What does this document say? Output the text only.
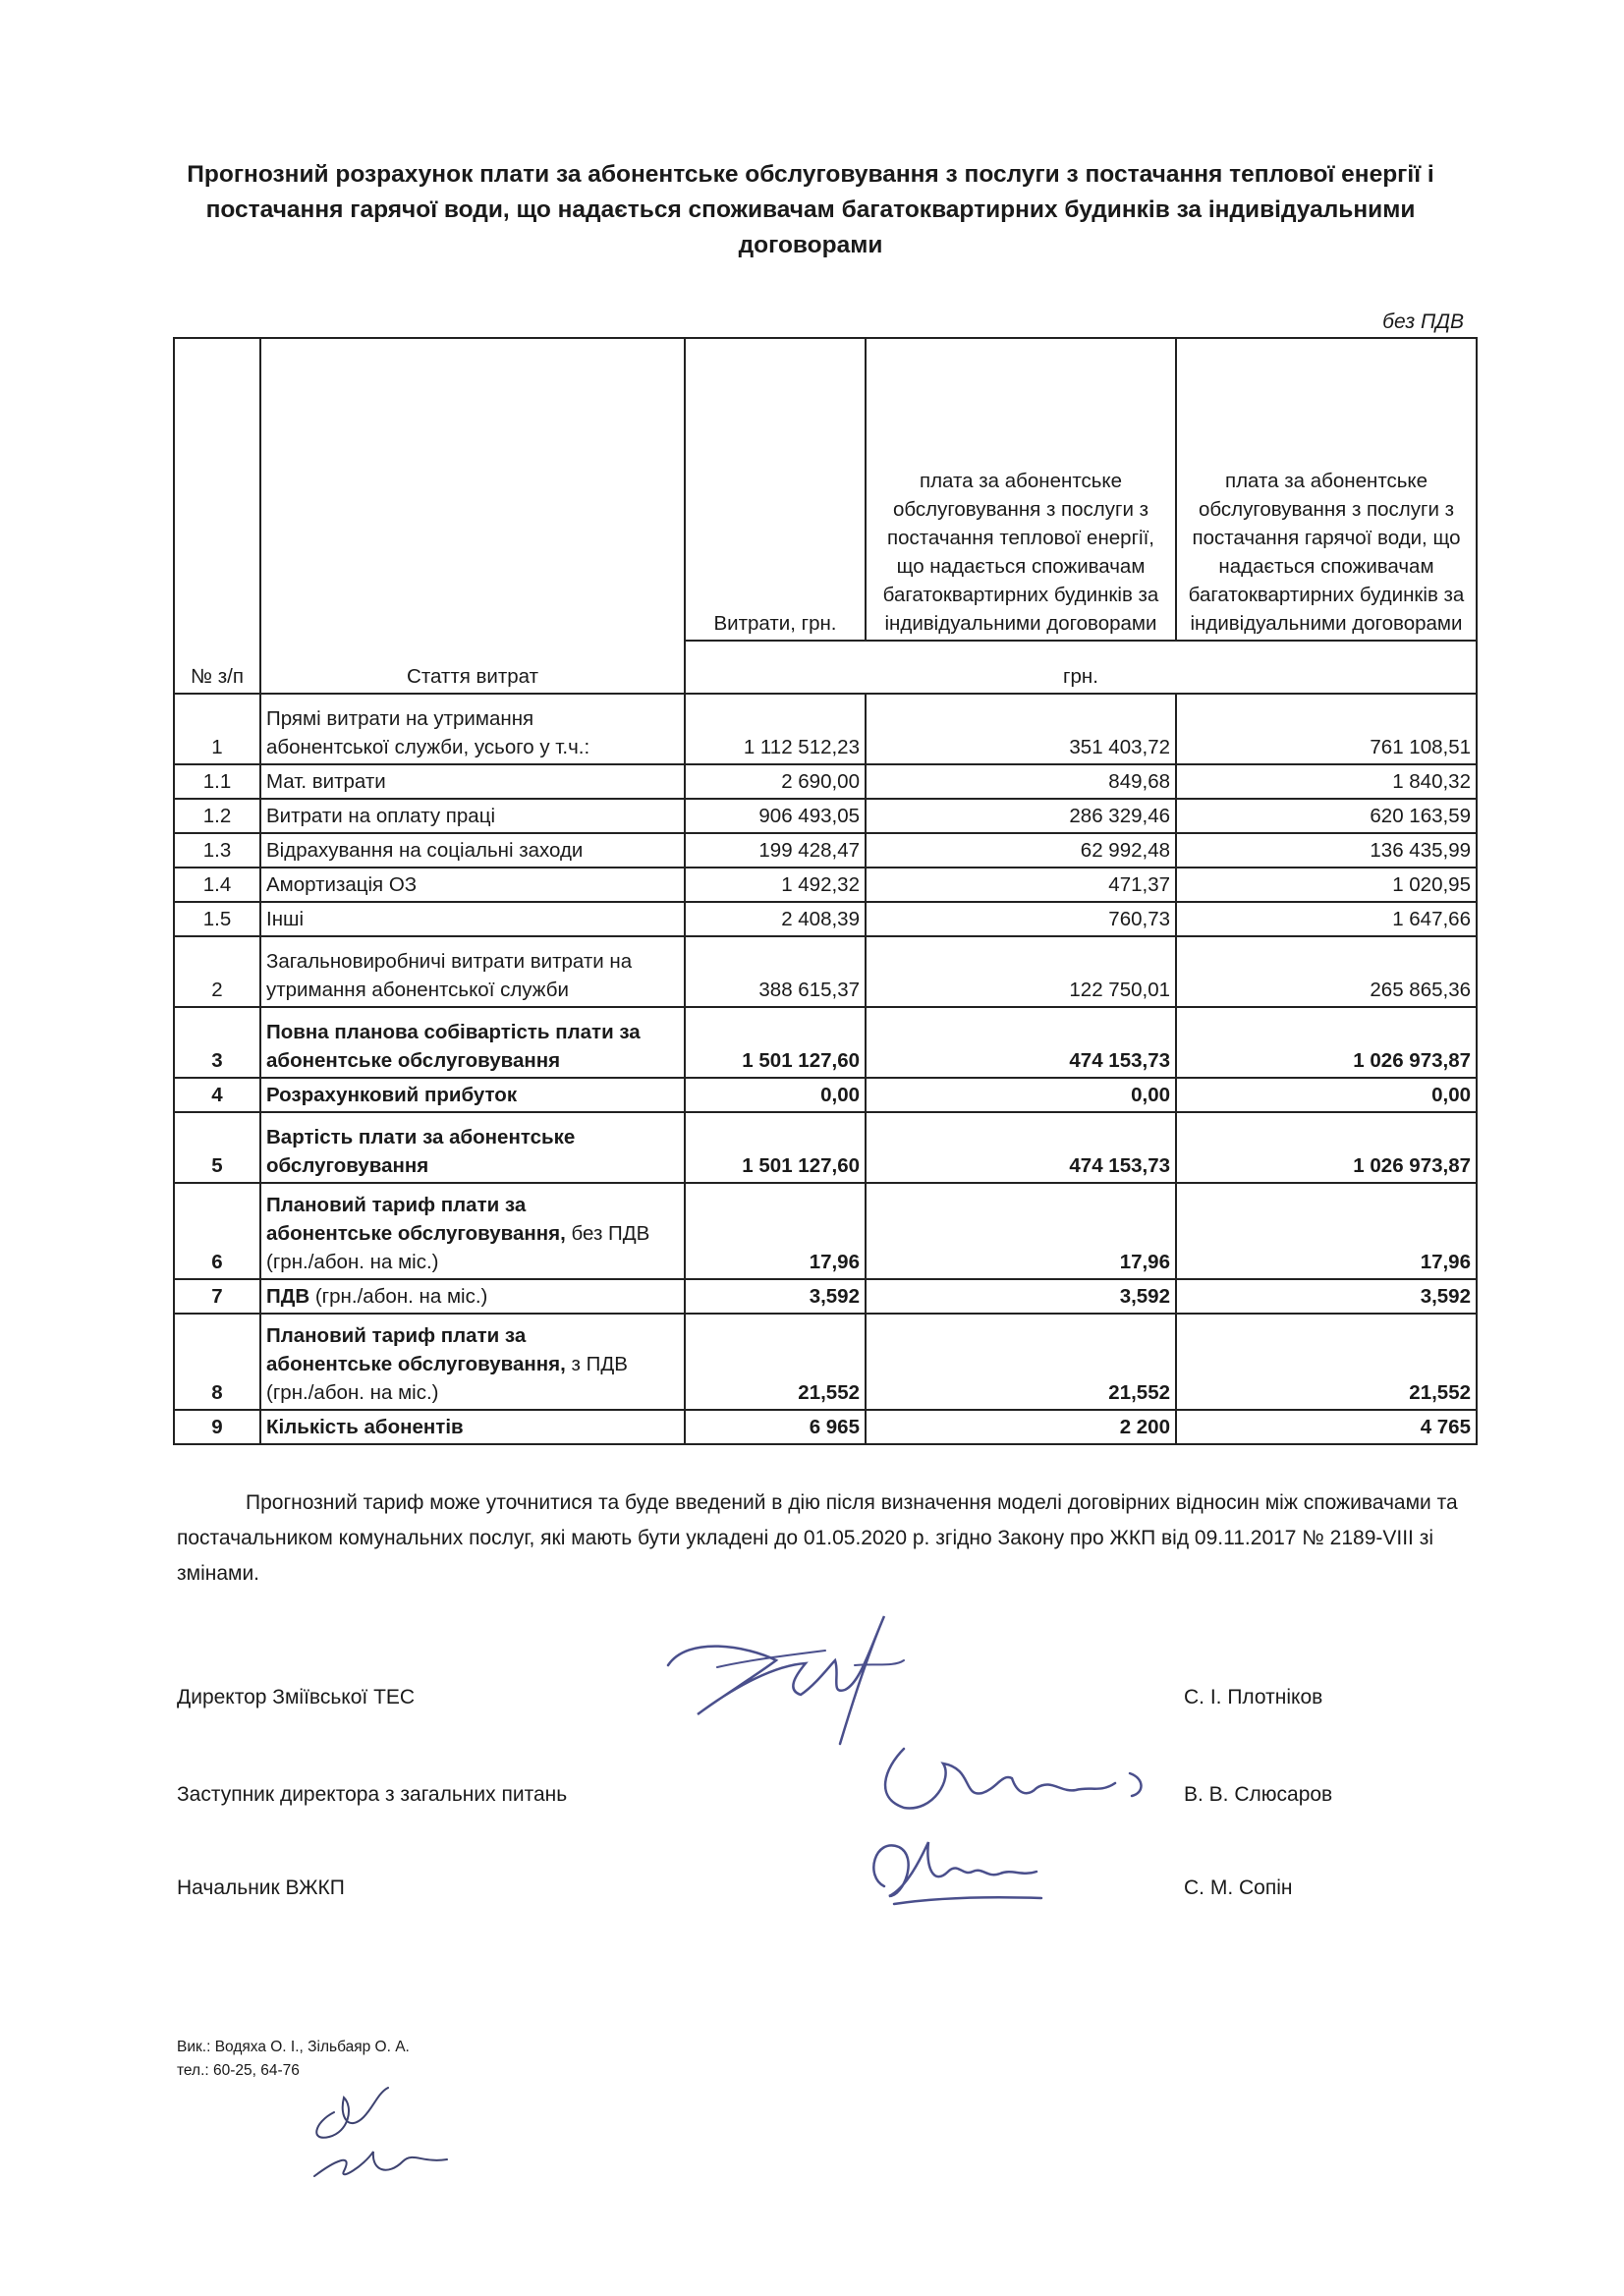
Прогнозний розрахунок плати за абонентське обслуговування з послуги з постачання теплової енергії і
постачання гарячої води, що надається споживачам багатоквартирних будинків за індивідуальними
договорами
без ПДВ
№ з/п	Стаття витрат	Витрати, грн.	плата за абонентське обслуговування з послуги з постачання теплової енергії, що надається споживачам багатоквартирних будинків за індивідуальними договорами	плата за абонентське обслуговування з послуги з постачання гарячої води, що надається споживачам багатоквартирних будинків за індивідуальними договорами
		грн.		
1	Прямі витрати на утримання
абонентської служби, усього у т.ч.:	1 112 512,23	351 403,72	761 108,51
1.1	Мат. витрати	2 690,00	849,68	1 840,32
1.2	Витрати на оплату праці	906 493,05	286 329,46	620 163,59
1.3	Відрахування на соціальні заходи	199 428,47	62 992,48	136 435,99
1.4	Амортизація ОЗ	1 492,32	471,37	1 020,95
1.5	Інші	2 408,39	760,73	1 647,66
2	Загальновиробничі витрати витрати на
утримання абонентської служби	388 615,37	122 750,01	265 865,36
3	Повна планова собівартість плати за
абонентське обслуговування	1 501 127,60	474 153,73	1 026 973,87
4	Розрахунковий прибуток	0,00	0,00	0,00
5	Вартість плати за абонентське
обслуговування	1 501 127,60	474 153,73	1 026 973,87
6	Плановий тариф плати за
абонентське обслуговування, без ПДВ
(грн./абон. на міс.)	17,96	17,96	17,96
7	ПДВ (грн./абон. на міс.)	3,592	3,592	3,592
8	Плановий тариф плати за
абонентське обслуговування, з ПДВ
(грн./абон. на міс.)	21,552	21,552	21,552
9	Кількість абонентів	6 965	2 200	4 765
Прогнозний тариф може уточнитися та буде введений в дію після визначення моделі договірних відносин між споживачами та постачальником комунальних послуг, які мають бути укладені до 01.05.2020 р. згідно Закону про ЖКП від 09.11.2017 № 2189-VIII зі змінами.
Директор Зміївської ТЕС	С. І. Плотніков
Заступник директора з загальних питань	В. В. Слюсаров
Начальник ВЖКП	С. М. Сопін
Вик.: Водяха О. І., Зільбаяр О. А.
тел.: 60-25, 64-76
